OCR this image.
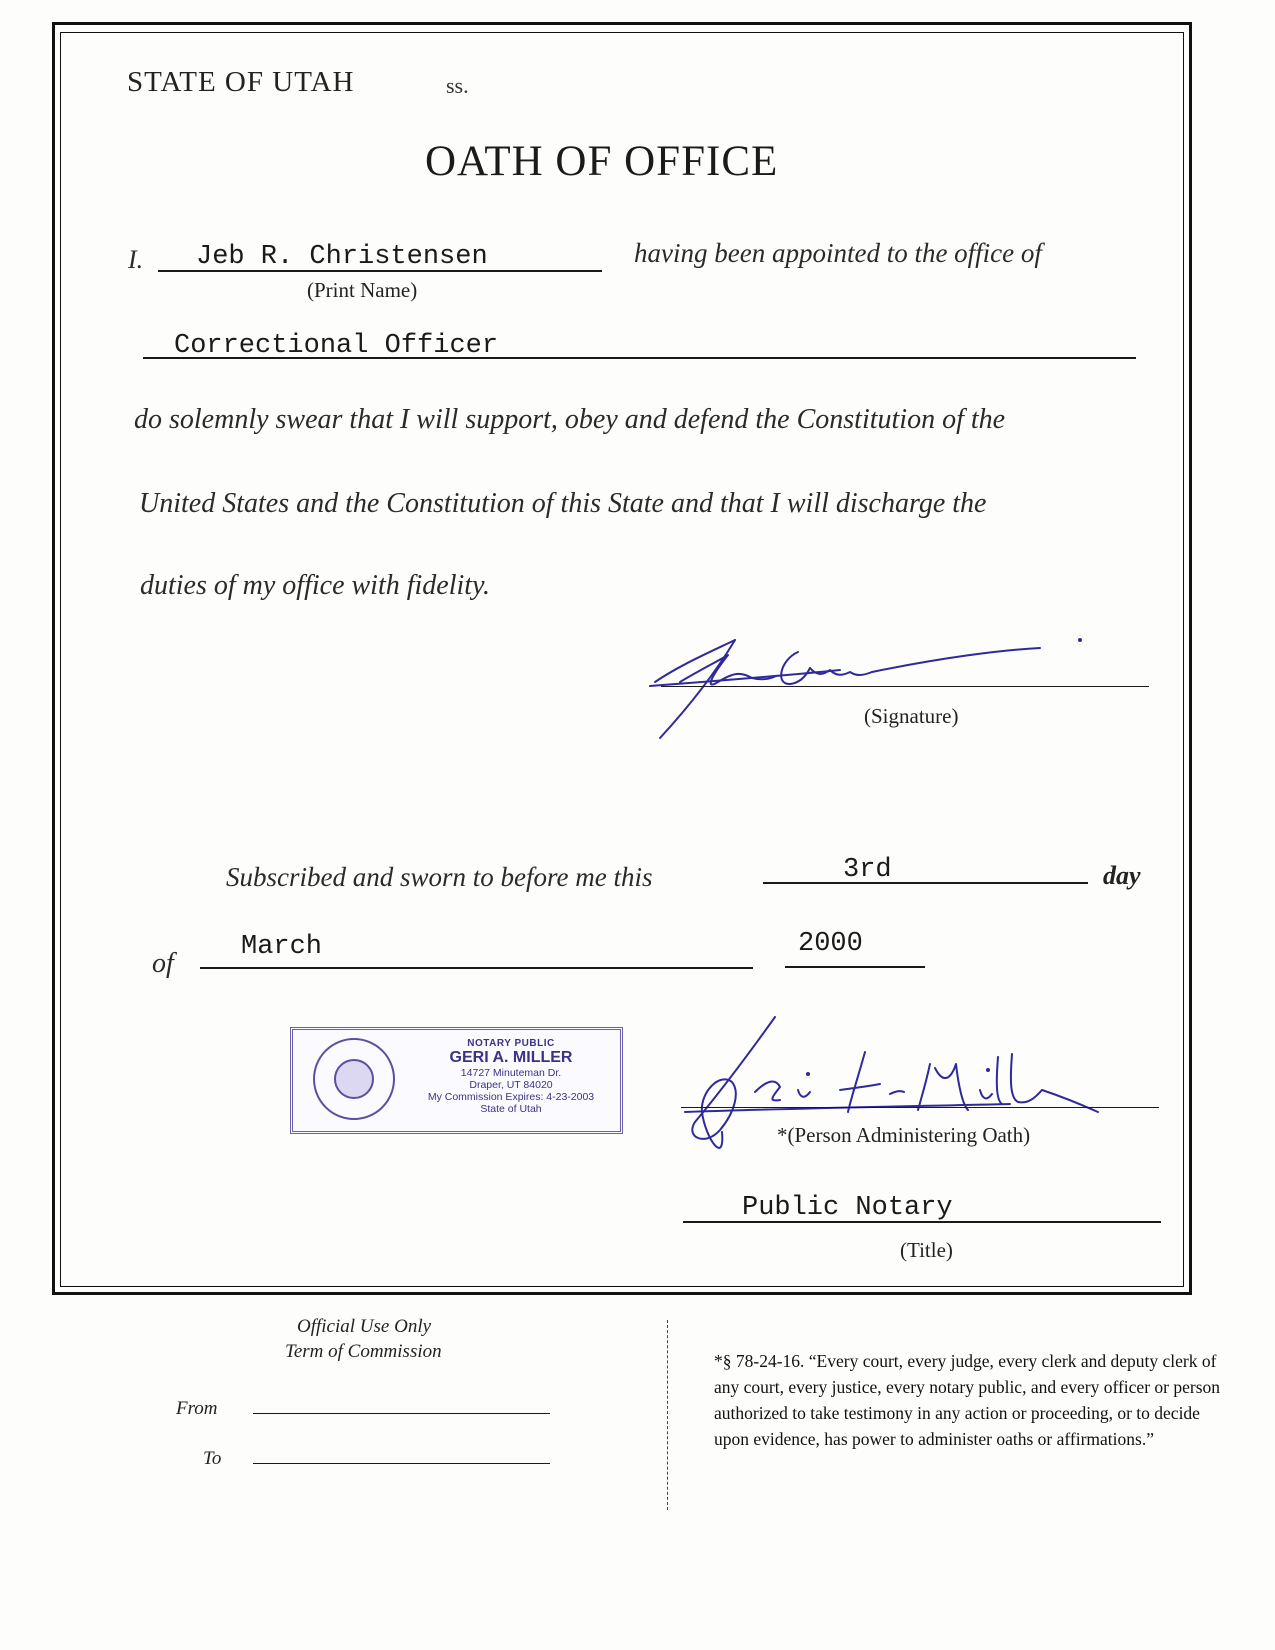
STATE OF UTAH	ss.
OATH OF OFFICE
I. Jeb R. Christensen
(Print Name)
having been appointed to the office of
Correctional Officer
do solemnly swear that I will support, obey and defend the Constitution of the
United States and the Constitution of this State and that I will discharge the
duties of my office with fidelity.
(Signature)
Subscribed and sworn to before me this	3rd	day
of
March	2000
NOTARY PUBLIC
GERI A. MILLER
14727 Minuteman Dr.
Draper, UT 84020
My Commission Expires: 4-23-2003
State of Utah
*(Person Administering Oath)
Public Notary
(Title)
Official Use Only
Term of Commission
From
To
*§ 78-24-16. “Every court, every judge, every clerk and deputy clerk of any court, every justice, every notary public, and every officer or person authorized to take testimony in any action or proceeding, or to decide upon evidence, has power to administer oaths or affirmations.”
